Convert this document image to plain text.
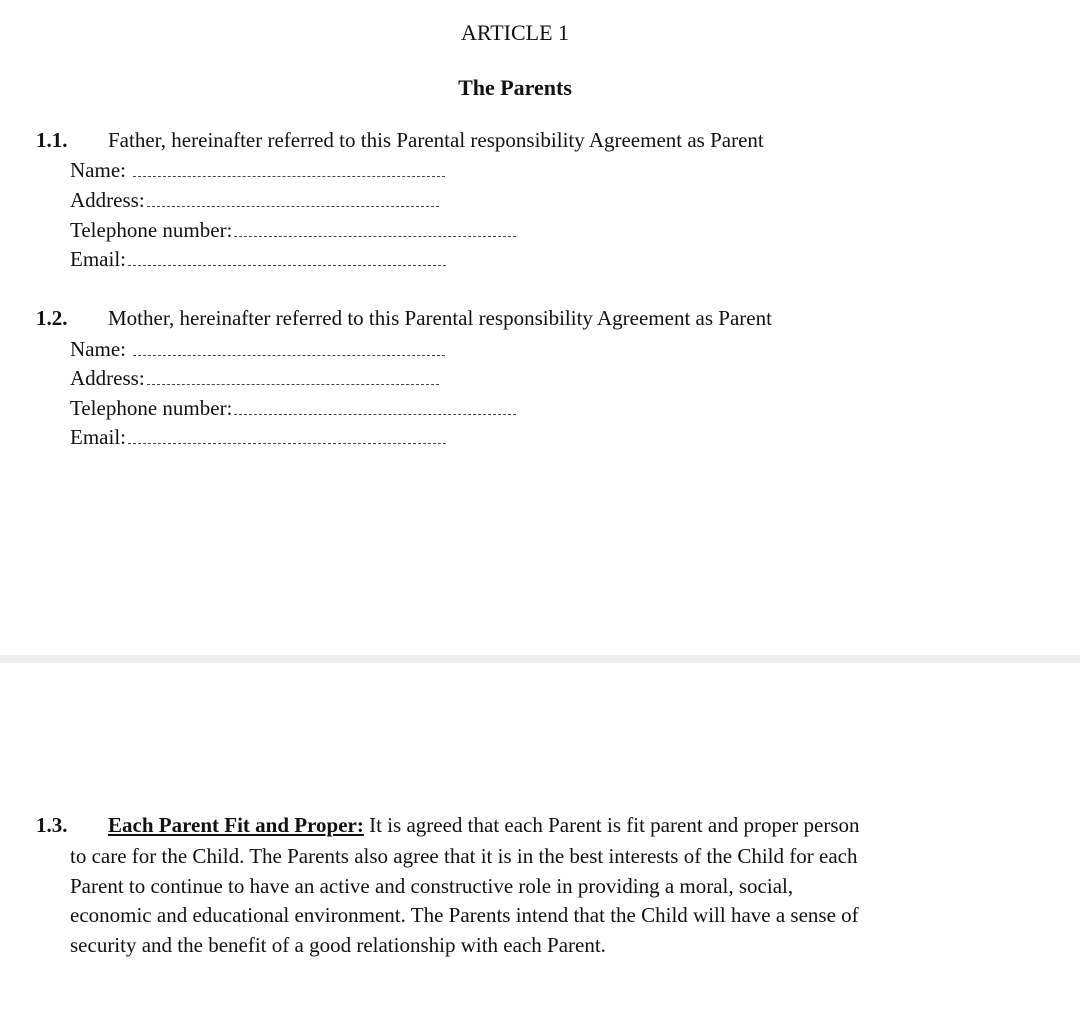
ARTICLE 1
The Parents
1.1. Father, hereinafter referred to this Parental responsibility Agreement as Parent
Name:
Address:
Telephone number:
Email:
1.2. Mother, hereinafter referred to this Parental responsibility Agreement as Parent
Name:
Address:
Telephone number:
Email:
1.3. Each Parent Fit and Proper: It is agreed that each Parent is fit parent and proper person
to care for the Child. The Parents also agree that it is in the best interests of the Child for each
Parent to continue to have an active and constructive role in providing a moral, social,
economic and educational environment. The Parents intend that the Child will have a sense of
security and the benefit of a good relationship with each Parent.
